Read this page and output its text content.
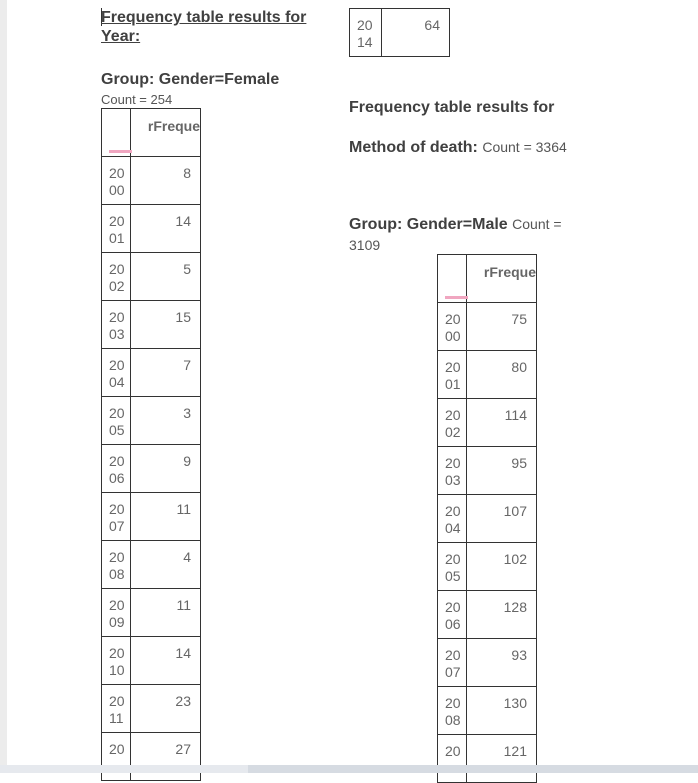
Frequency table results for
Year:
Group: Gender=Female
Count = 254
	rFreque

20
00	8

20
01	14

20
02	5

20
03	15

20
04	7

20
05	3

20
06	9

20
07	11

20
08	4

20
09	11

20
10	14

20
11	23

20	27
20
14
	64
Frequency table results for
Method of death: Count = 3364
Group: Gender=Male Count =
3109
	rFreque

20
00	75

20
01	80

20
02	114

20
03	95

20
04	107

20
05	102

20
06	128

20
07	93

20
08	130

20	121
